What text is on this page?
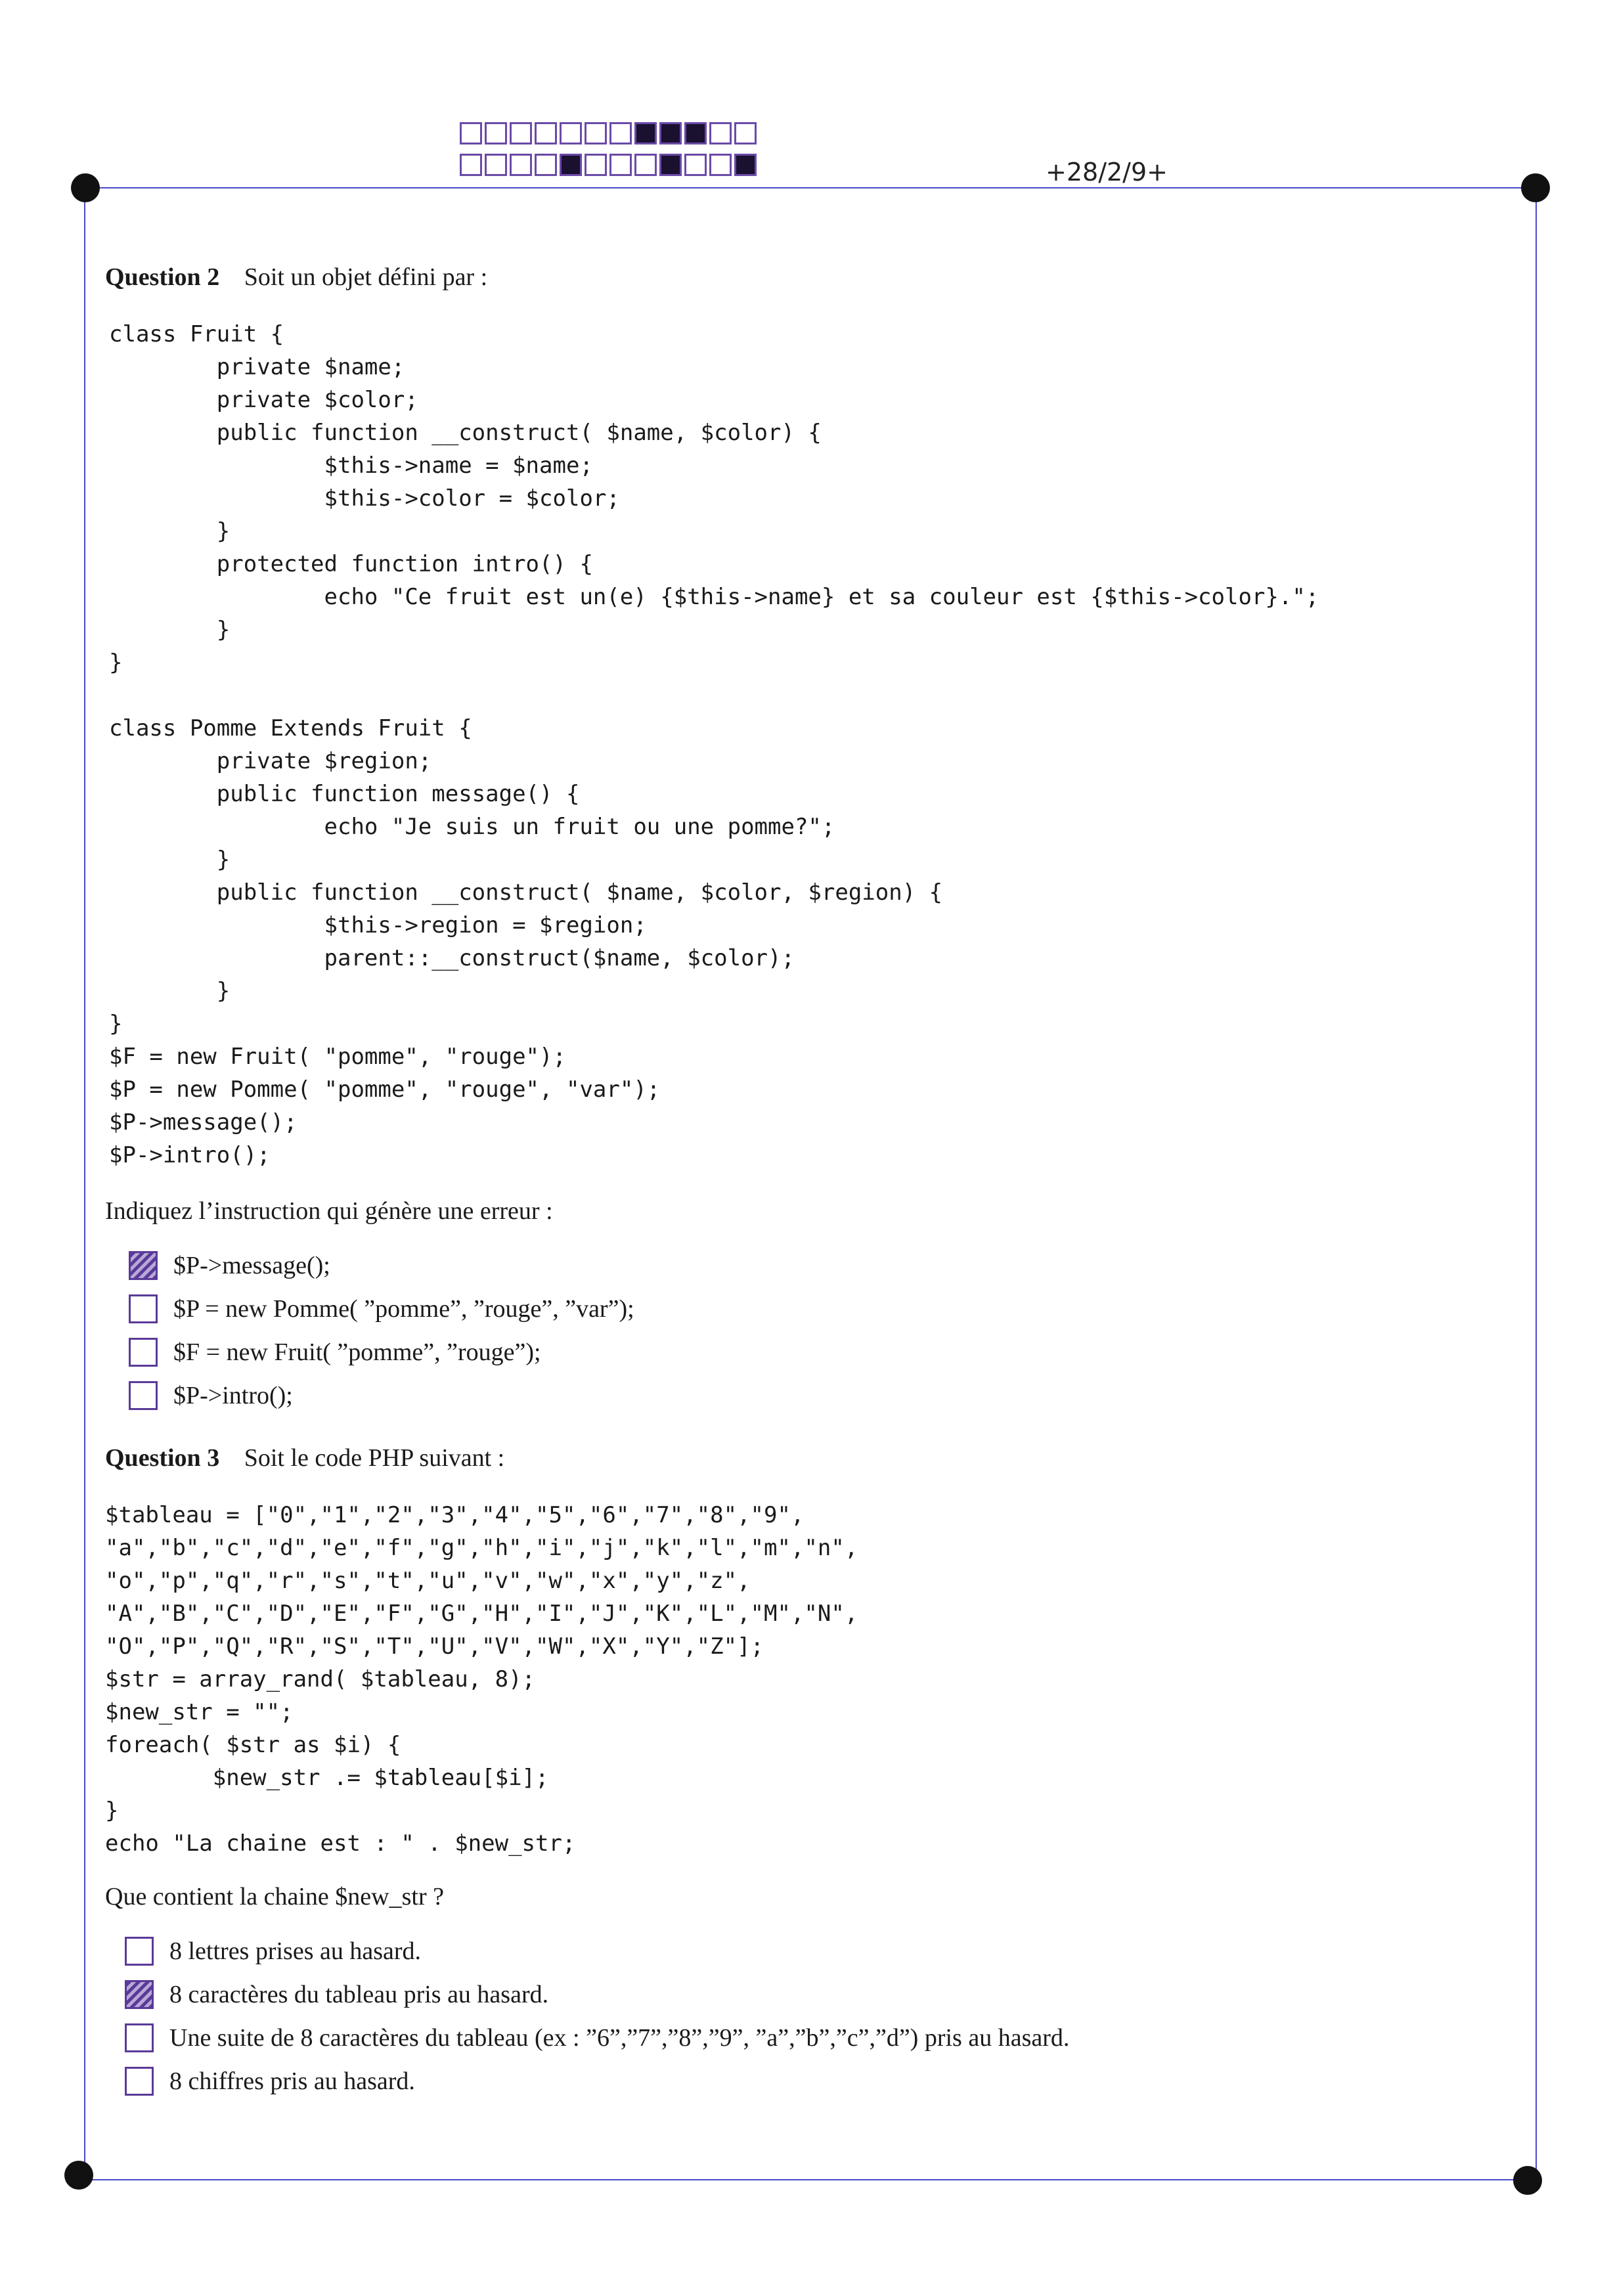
+28/2/9+
Question 2 Soit un objet défini par :
class Fruit {
private $name;
private $color;
public function __construct( $name, $color) {
$this->name = $name;
$this->color = $color;
}
protected function intro() {
echo "Ce fruit est un(e) {$this->name} et sa couleur est {$this->color}.";
}
}

class Pomme Extends Fruit {
private $region;
public function message() {
echo "Je suis un fruit ou une pomme?";
}
public function __construct( $name, $color, $region) {
$this->region = $region;
parent::__construct($name, $color);
}
}
$F = new Fruit( "pomme", "rouge");
$P = new Pomme( "pomme", "rouge", "var");
$P->message();
$P->intro();
Indiquez l’instruction qui génère une erreur :
$P->message();
$P = new Pomme( ”pomme”, ”rouge”, ”var”);
$F = new Fruit( ”pomme”, ”rouge”);
$P->intro();
Question 3 Soit le code PHP suivant :
$tableau = ["0","1","2","3","4","5","6","7","8","9",
"a","b","c","d","e","f","g","h","i","j","k","l","m","n",
"o","p","q","r","s","t","u","v","w","x","y","z",
"A","B","C","D","E","F","G","H","I","J","K","L","M","N",
"O","P","Q","R","S","T","U","V","W","X","Y","Z"];
$str = array_rand( $tableau, 8);
$new_str = "";
foreach( $str as $i) {
$new_str .= $tableau[$i];
}
echo "La chaine est : " . $new_str;
Que contient la chaine $new_str ?
8 lettres prises au hasard.
8 caractères du tableau pris au hasard.
Une suite de 8 caractères du tableau (ex : ”6”,”7”,”8”,”9”, ”a”,”b”,”c”,”d”) pris au hasard.
8 chiffres pris au hasard.
